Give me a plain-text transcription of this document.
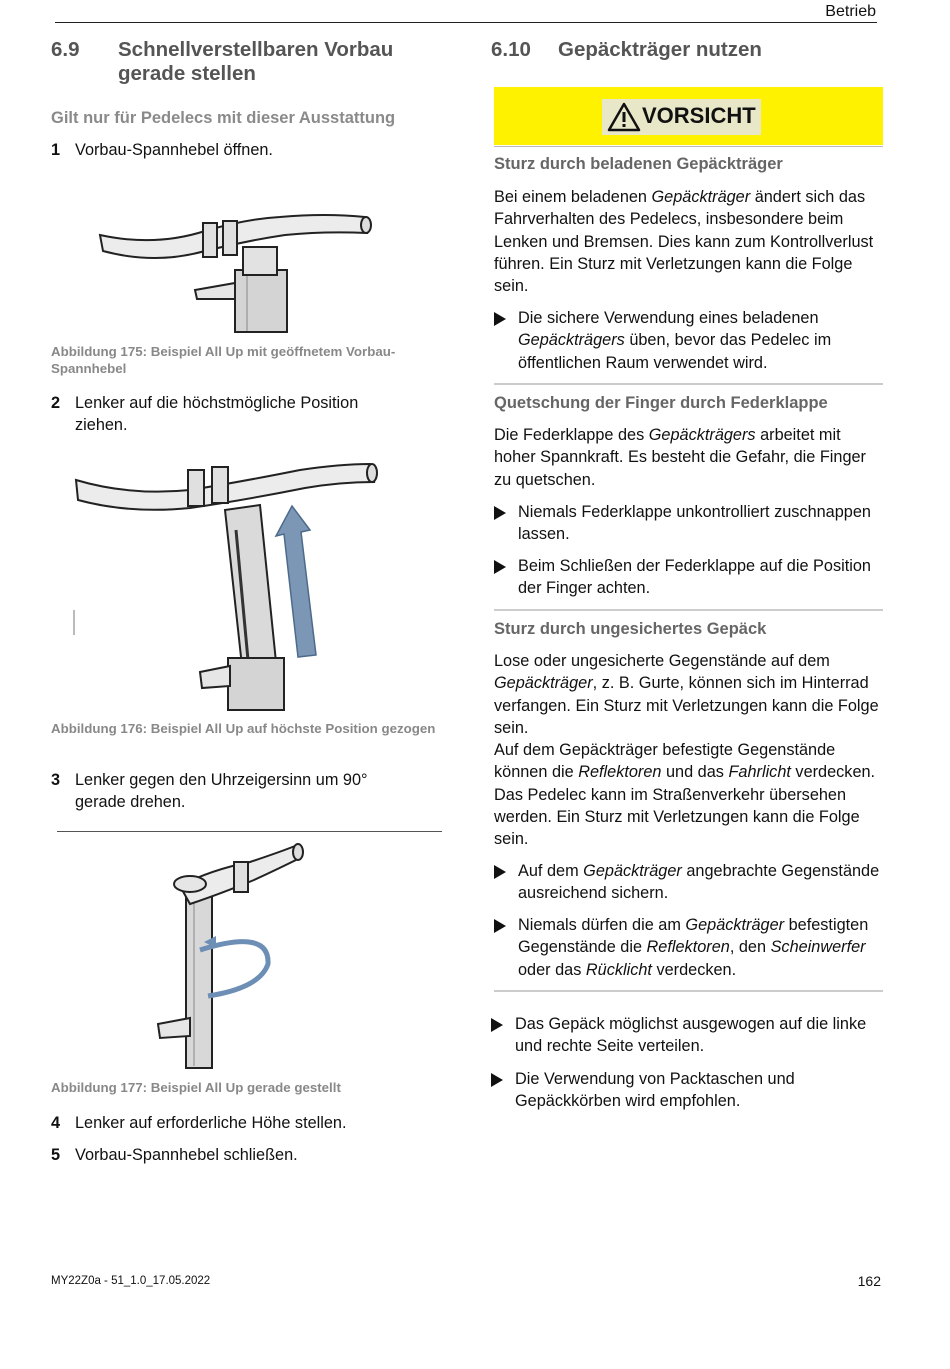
Betrieb
6.9 Schnellverstellbaren Vorbau
gerade stellen
Gilt nur für Pedelecs mit dieser Ausstattung
1 Vorbau-Spannhebel öffnen.
Abbildung 175: Beispiel All Up mit geöffnetem Vorbau-Spannhebel
2 Lenker auf die höchstmögliche Position ziehen.
Abbildung 176: Beispiel All Up auf höchste Position gezogen
3 Lenker gegen den Uhrzeigersinn um 90° gerade drehen.
Abbildung 177: Beispiel All Up gerade gestellt
4 Lenker auf erforderliche Höhe stellen.
5 Vorbau-Spannhebel schließen.
6.10 Gepäckträger nutzen
VORSICHT
Sturz durch beladenen Gepäckträger
Bei einem beladenen Gepäckträger ändert sich das Fahrverhalten des Pedelecs, insbesondere beim Lenken und Bremsen. Dies kann zum Kontrollverlust führen. Ein Sturz mit Verletzungen kann die Folge sein.
Die sichere Verwendung eines beladenen Gepäckträgers üben, bevor das Pedelec im öffentlichen Raum verwendet wird.
Quetschung der Finger durch Federklappe
Die Federklappe des Gepäckträgers arbeitet mit hoher Spannkraft. Es besteht die Gefahr, die Finger zu quetschen.
Niemals Federklappe unkontrolliert zuschnappen lassen.
Beim Schließen der Federklappe auf die Position der Finger achten.
Sturz durch ungesichertes Gepäck
Lose oder ungesicherte Gegenstände auf dem Gepäckträger, z. B. Gurte, können sich im Hinterrad verfangen. Ein Sturz mit Verletzungen kann die Folge sein.
Auf dem Gepäckträger befestigte Gegenstände können die Reflektoren und das Fahrlicht verdecken. Das Pedelec kann im Straßenverkehr übersehen werden. Ein Sturz mit Verletzungen kann die Folge sein.
Auf dem Gepäckträger angebrachte Gegenstände ausreichend sichern.
Niemals dürfen die am Gepäckträger befestigten Gegenstände die Reflektoren, den Scheinwerfer oder das Rücklicht verdecken.
Das Gepäck möglichst ausgewogen auf die linke und rechte Seite verteilen.
Die Verwendung von Packtaschen und Gepäckkörben wird empfohlen.
MY22Z0a - 51_1.0_17.05.2022	162
